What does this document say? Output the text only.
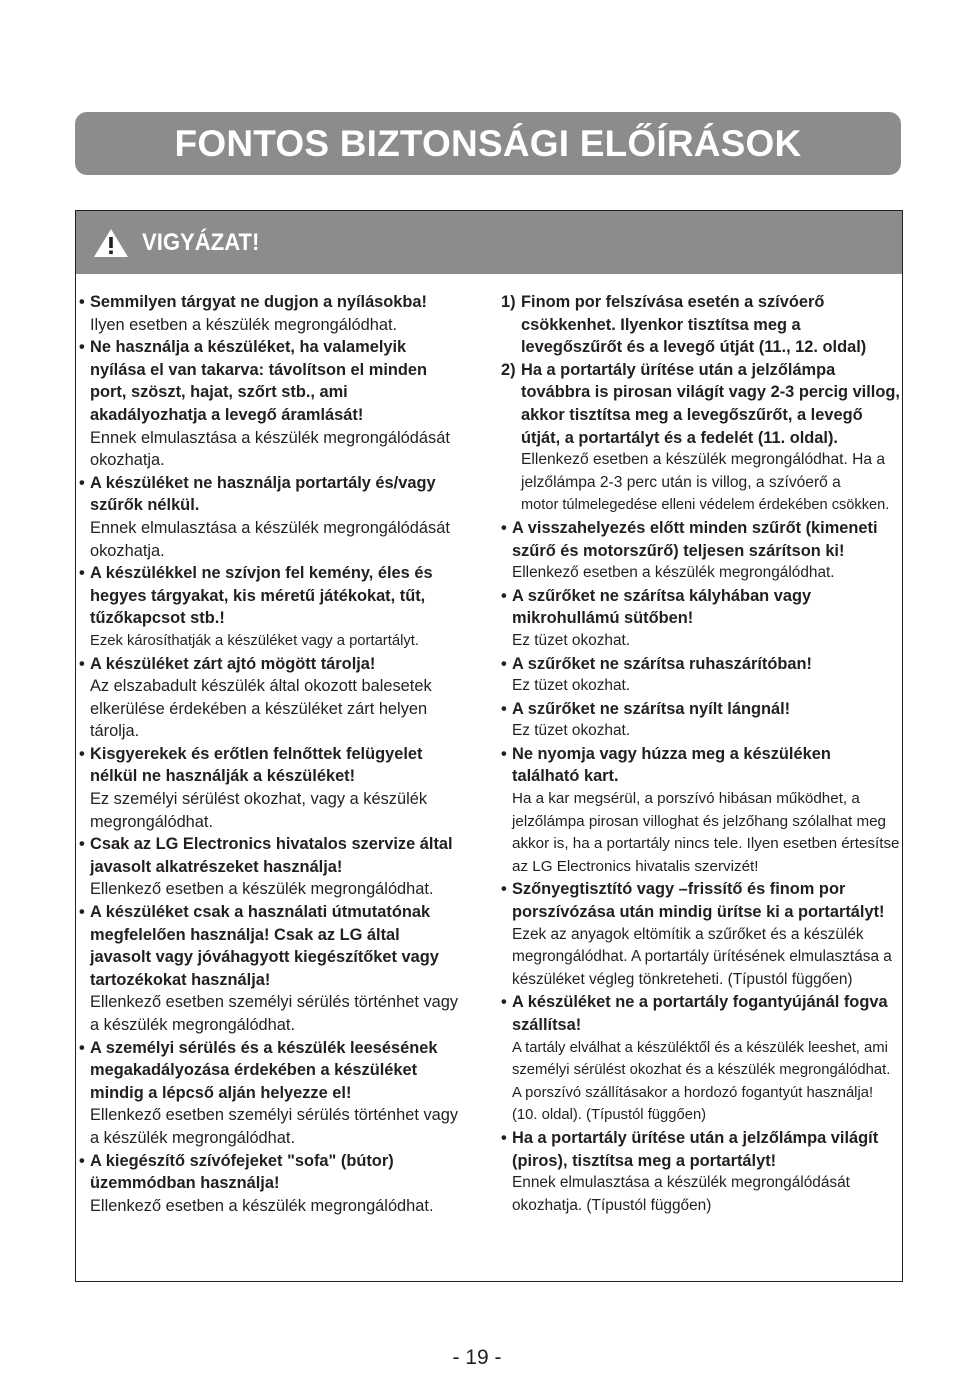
FONTOS BIZTONSÁGI ELŐÍRÁSOK
VIGYÁZAT!
• Semmilyen tárgyat ne dugjon a nyílásokba!
Ilyen esetben a készülék megrongálódhat.
• Ne használja a készüléket, ha valamelyik nyílása el van takarva: távolítson el minden port, szöszt, hajat, szőrt stb., ami akadályozhatja a levegő áramlását!
Ennek elmulasztása a készülék megrongálódását okozhatja.
• A készüléket ne használja portartály és/vagy szűrők nélkül.
Ennek elmulasztása a készülék megrongálódását okozhatja.
• A készülékkel ne szívjon fel kemény, éles és hegyes tárgyakat, kis méretű játékokat, tűt, tűzőkapcsot stb.!
Ezek károsíthatják a készüléket vagy a portartályt.
• A készüléket zárt ajtó mögött tárolja!
Az elszabadult készülék által okozott balesetek elkerülése érdekében a készüléket zárt helyen tárolja.
• Kisgyerekek és erőtlen felnőttek felügyelet nélkül ne használják a készüléket!
Ez személyi sérülést okozhat, vagy a készülék megrongálódhat.
• Csak az LG Electronics hivatalos szervize által javasolt alkatrészeket használja!
Ellenkező esetben a készülék megrongálódhat.
• A készüléket csak a használati útmutatónak megfelelően használja! Csak az LG által javasolt vagy jóváhagyott kiegészítőket vagy tartozékokat használja!
Ellenkező esetben személyi sérülés történhet vagy a készülék megrongálódhat.
• A személyi sérülés és a készülék leesésének megakadályozása érdekében a készüléket mindig a lépcső alján helyezze el!
Ellenkező esetben személyi sérülés történhet vagy a készülék megrongálódhat.
• A kiegészítő szívófejeket "sofa" (bútor) üzemmódban használja!
Ellenkező esetben a készülék megrongálódhat.
1) Finom por felszívása esetén a szívóerő csökkenhet. Ilyenkor tisztítsa meg a levegőszűrőt és a levegő útját (11., 12. oldal)
2) Ha a portartály ürítése után a jelzőlámpa továbbra is pirosan világít vagy 2-3 percig villog, akkor tisztítsa meg a levegőszűrőt, a levegő útját, a portartályt és a fedelét (11. oldal).
Ellenkező esetben a készülék megrongálódhat. Ha a jelzőlámpa 2-3 perc után is villog, a szívóerő a
motor túlmelegedése elleni védelem érdekében csökken.
• A visszahelyezés előtt minden szűrőt (kimeneti szűrő és motorszűrő) teljesen szárítson ki!
Ellenkező esetben a készülék megrongálódhat.
• A szűrőket ne szárítsa kályhában vagy mikrohullámú sütőben!
Ez tüzet okozhat.
• A szűrőket ne szárítsa ruhaszárítóban!
Ez tüzet okozhat.
• A szűrőket ne szárítsa nyílt lángnál!
Ez tüzet okozhat.
• Ne nyomja vagy húzza meg a készüléken található kart.
Ha a kar megsérül, a porszívó hibásan működhet, a jelzőlámpa pirosan villoghat és jelzőhang szólalhat meg akkor is, ha a portartály nincs tele. Ilyen esetben értesítse az LG Electronics hivatalis szervizét!
• Szőnyegtisztító vagy –frissítő és finom por porszívózása után mindig ürítse ki a portartályt!
Ezek az anyagok eltömítik a szűrőket és a készülék megrongálódhat. A portartály ürítésének elmulasztása a készüléket végleg tönkreteheti. (Típustól függően)
• A készüléket ne a portartály fogantyújánál fogva szállítsa!
A tartály elválhat a készüléktől és a készülék leeshet, ami személyi sérülést okozhat és a készülék megrongálódhat. A porszívó szállításakor a hordozó fogantyút használja! (10. oldal). (Típustól függően)
• Ha a portartály ürítése után a jelzőlámpa világít (piros), tisztítsa meg a portartályt!
Ennek elmulasztása a készülék megrongálódását okozhatja. (Típustól függően)
- 19 -
